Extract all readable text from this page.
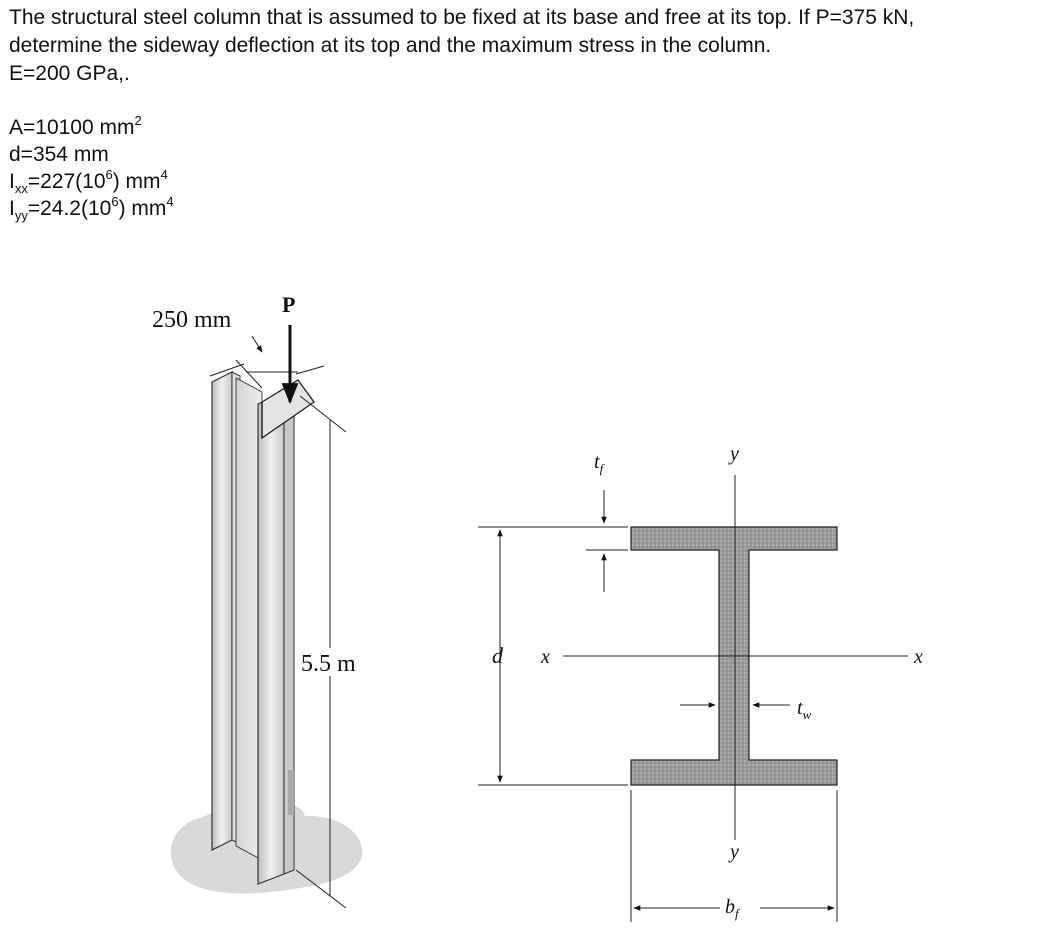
The structural steel column that is assumed to be fixed at its base and free at its top. If P=375 kN,

determine the sideway deflection at its top and the maximum stress in the column.

E=200 GPa,.

A=10100 $mm^2$
d=354 mm
$I_{xx}=227(10^6)$ $mm^4$
$I_{yy}=24.2(10^6)$ $mm^4$
250 mm
P
5.5 m
$t_f$
y
d x	x
$t_w$
y
$b_f$
